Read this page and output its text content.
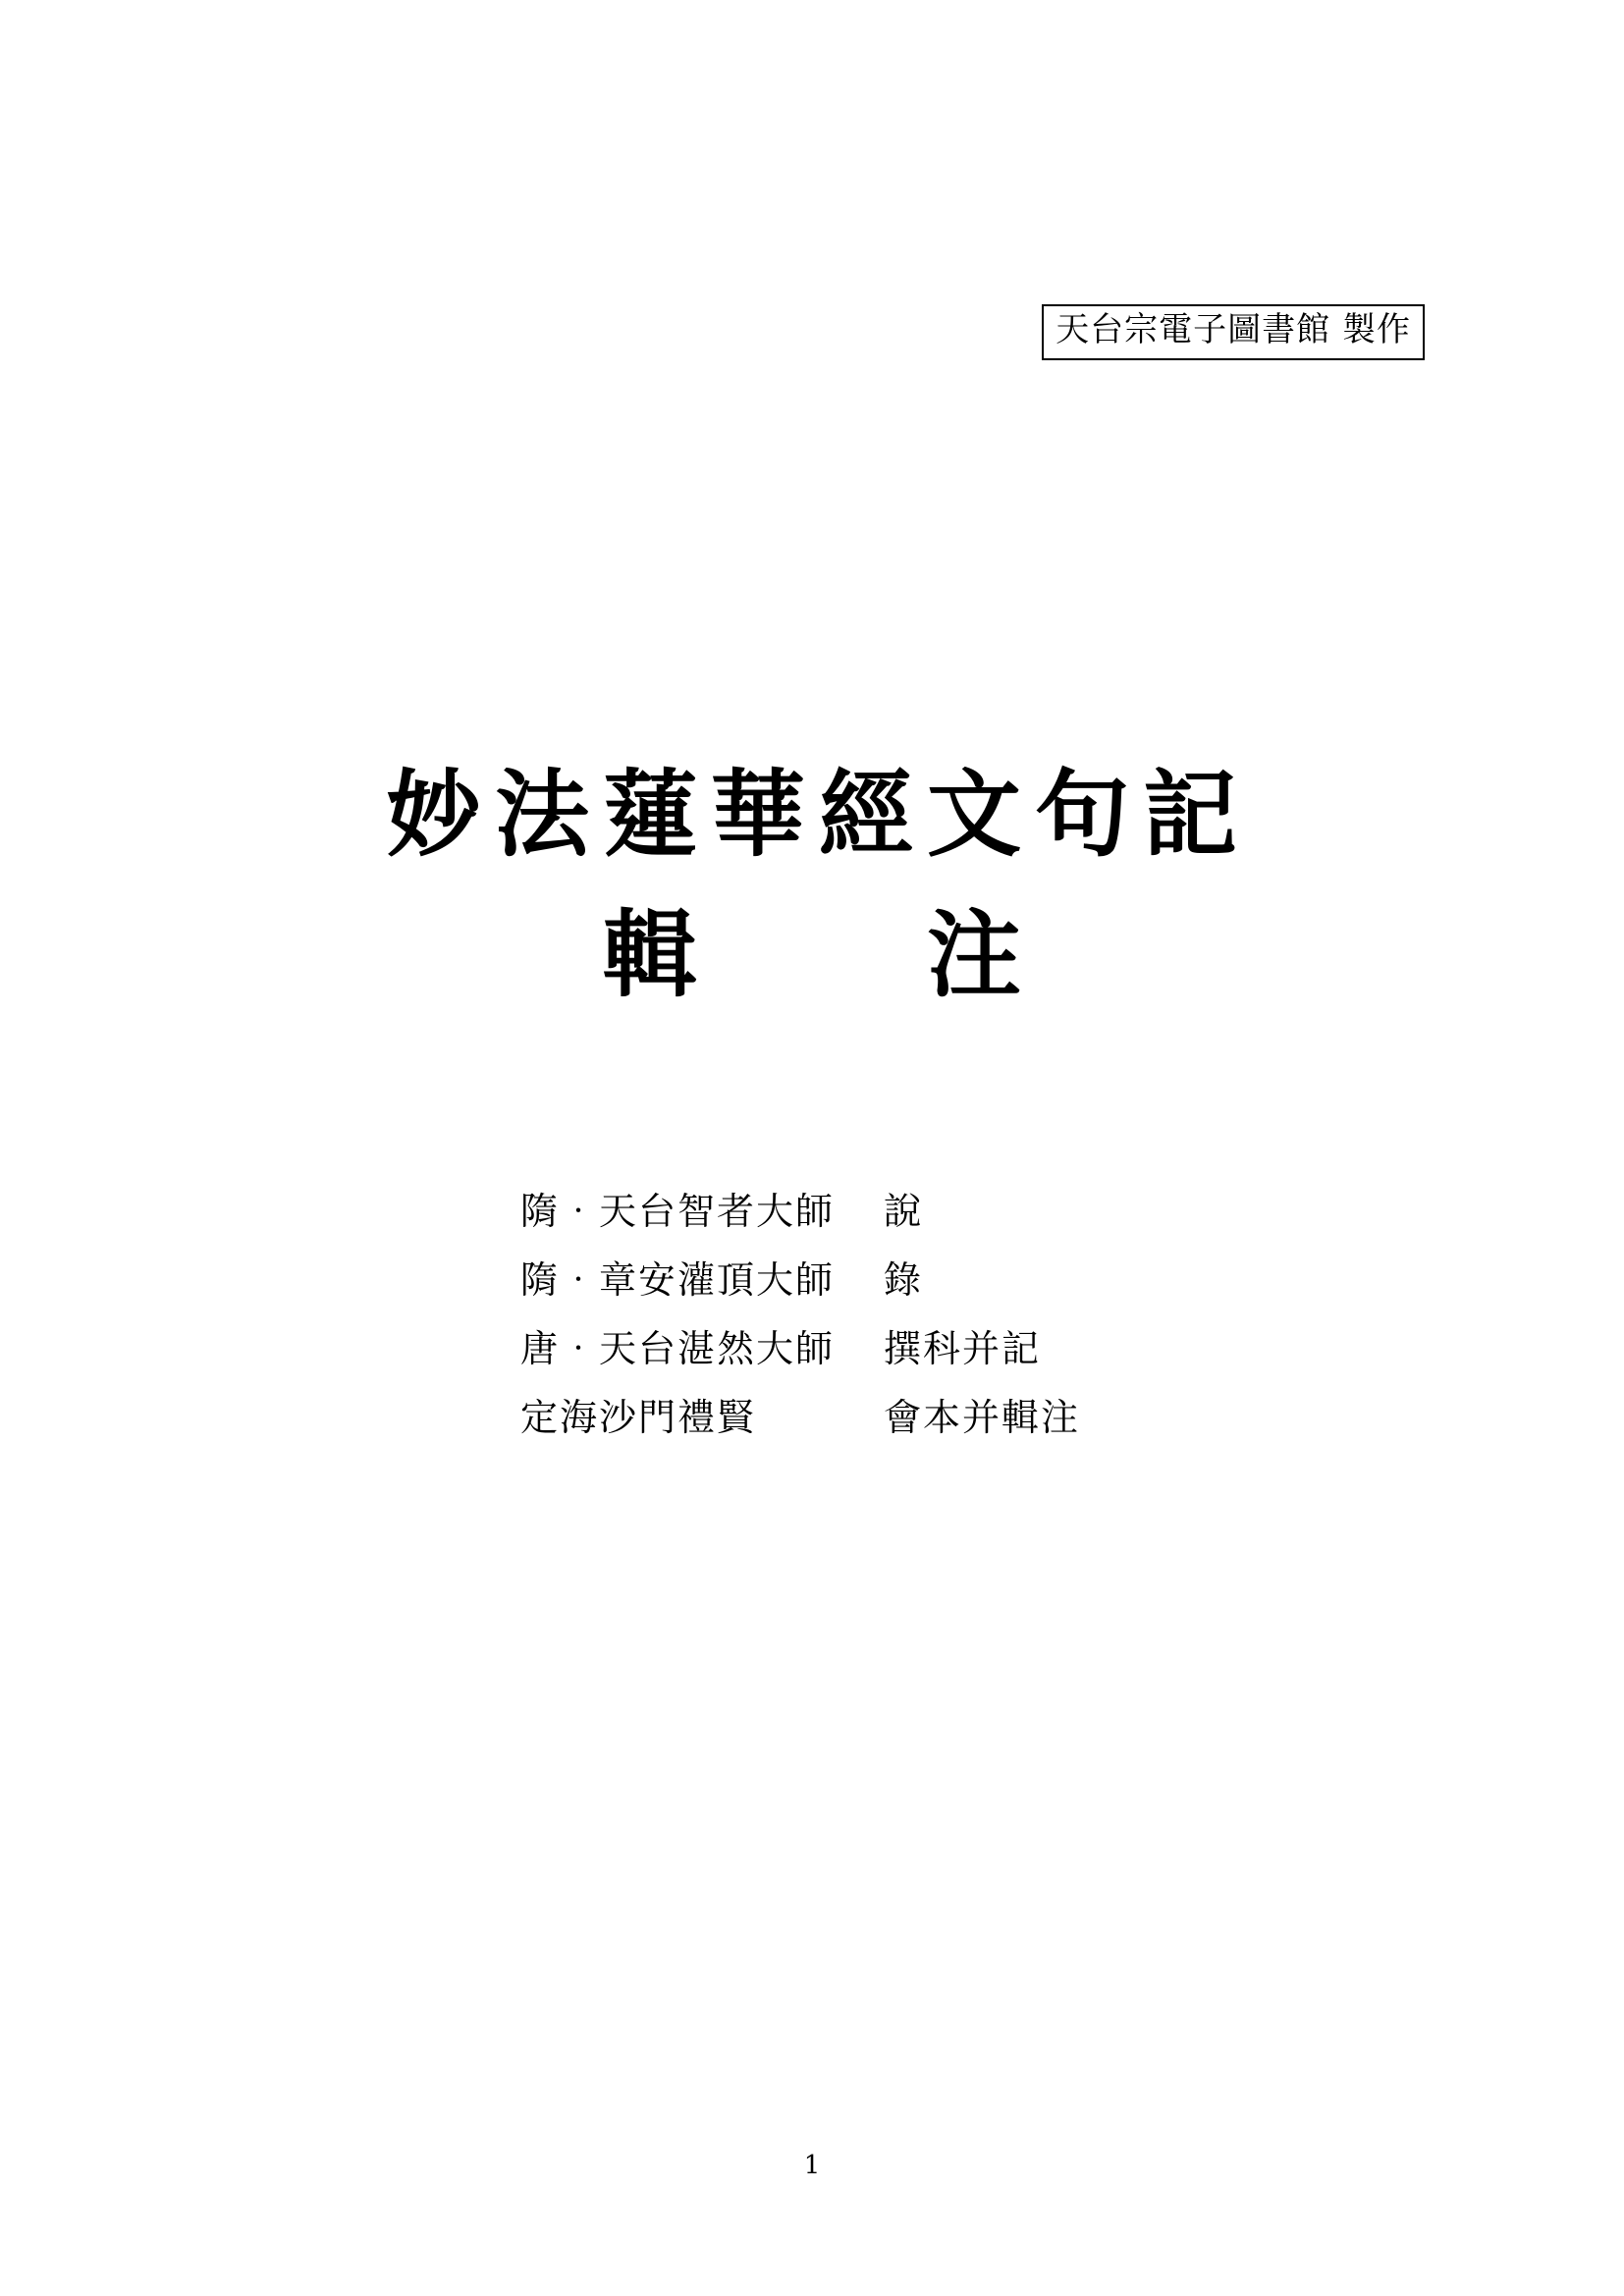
天台宗電子圖書館 製作
妙法蓮華經文句記
輯　　注
隋‧天台智者大師	說
隋‧章安灌頂大師	錄
唐‧天台湛然大師	撰科并記
定海沙門禮賢	會本并輯注
1
